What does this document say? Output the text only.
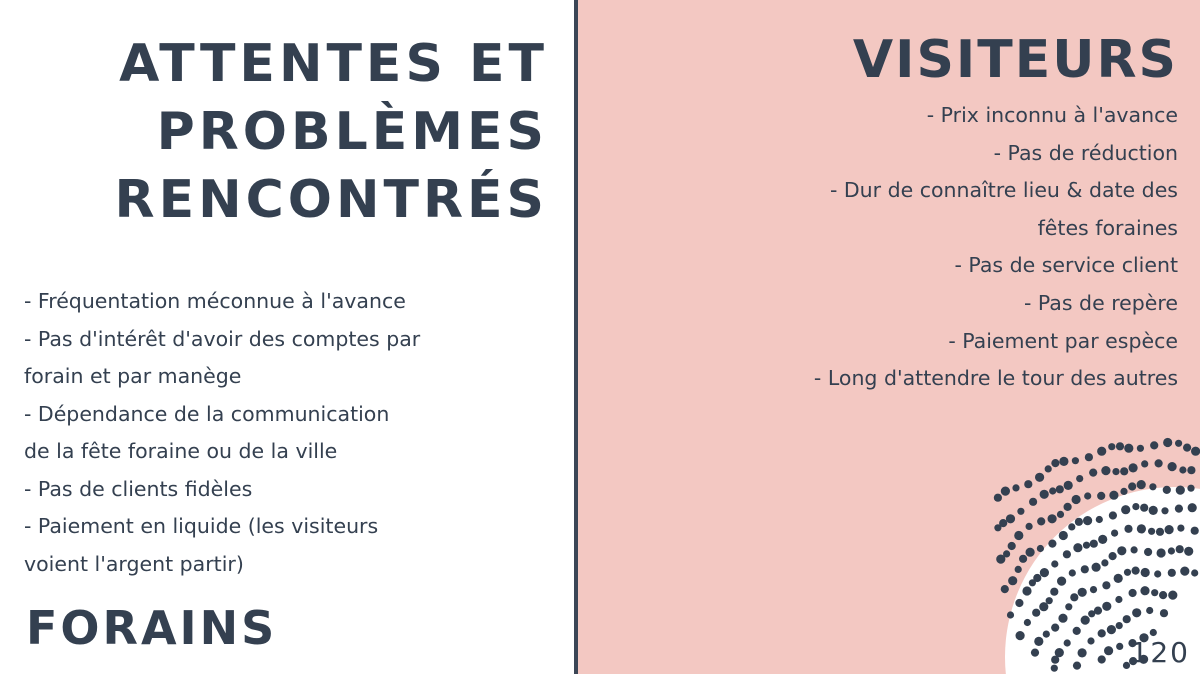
ATTENTES ET
PROBLÈMES
RENCONTRÉS

- Fréquentation méconnue à l'avance

- Pas d'intérêt d'avoir des comptes par

forain et par manège

- Dépendance de la communication

de la fête foraine ou de la ville

- Pas de clients fidèles

- Paiement en liquide (les visiteurs

voient l'argent partir)

FORAINS
VISITEURS

- Prix inconnu à l'avance

- Pas de réduction

- Dur de connaître lieu & date des

fêtes foraines

- Pas de service client

- Pas de repère

- Paiement par espèce

- Long d'attendre le tour des autres

120
